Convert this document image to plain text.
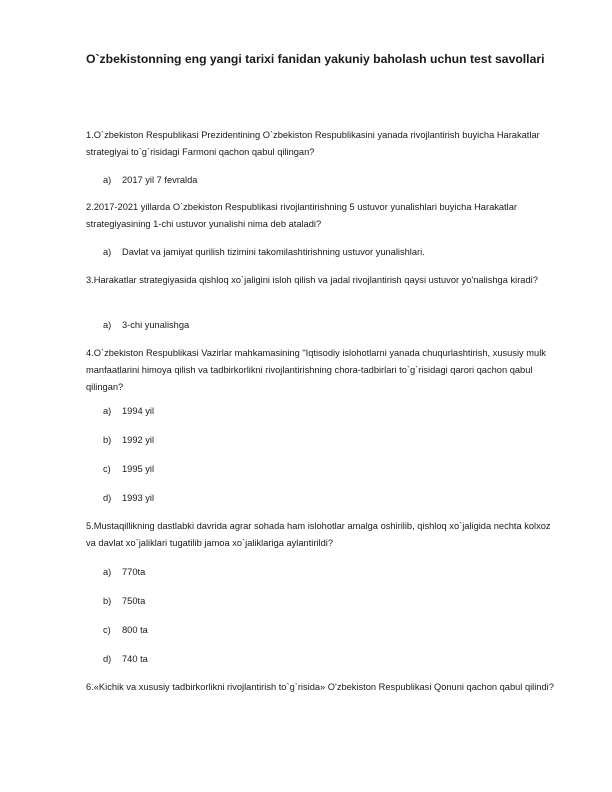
O`zbekistonning eng yangi tarixi fanidan yakuniy baholash uchun test savollari
1.O`zbekiston Respublikasi Prezidentining O`zbekiston Respublikasini yanada rivojlantirish buyicha Harakatlar strategiyai to`g`risidagi Farmoni qachon qabul qilingan?
a) 2017 yil 7 fevralda
2.2017-2021 yillarda O`zbekiston Respublikasi rivojlantirishning 5 ustuvor yunalishlari buyicha Harakatlar strategiyasining 1-chi ustuvor yunalishi nima deb ataladi?
a) Davlat va jamiyat qurilish tizimini takomilashtirishning ustuvor yunalishlari.
3.Harakatlar strategiyasida qishloq xo`jaligini isloh qilish va jadal rivojlantirish qaysi ustuvor yo'nalishga kiradi?
a) 3-chi yunalishga
4.O`zbekiston Respublikasi Vazirlar mahkamasining "Iqtisodiy islohotlarni yanada chuqurlashtirish, xususiy mulk manfaatlarini himoya qilish va tadbirkorlikni rivojlantirishning chora-tadbirlari to`g`risidagi qarori qachon qabul qilingan?
a) 1994 yil
b) 1992 yil
c) 1995 yil
d) 1993 yil
5.Mustaqillikning dastlabki davrida agrar sohada ham islohotlar amalga oshirilib, qishloq xo`jaligida nechta kolxoz va davlat xo`jaliklari tugatilib jamoa xo`jaliklariga aylantirildi?
a) 770ta
b) 750ta
c) 800 ta
d) 740 ta
6.«Kichik va xususiy tadbirkorlikni rivojlantirish to`g`risida» O'zbekiston Respublikasi Qonuni qachon qabul qilindi?
